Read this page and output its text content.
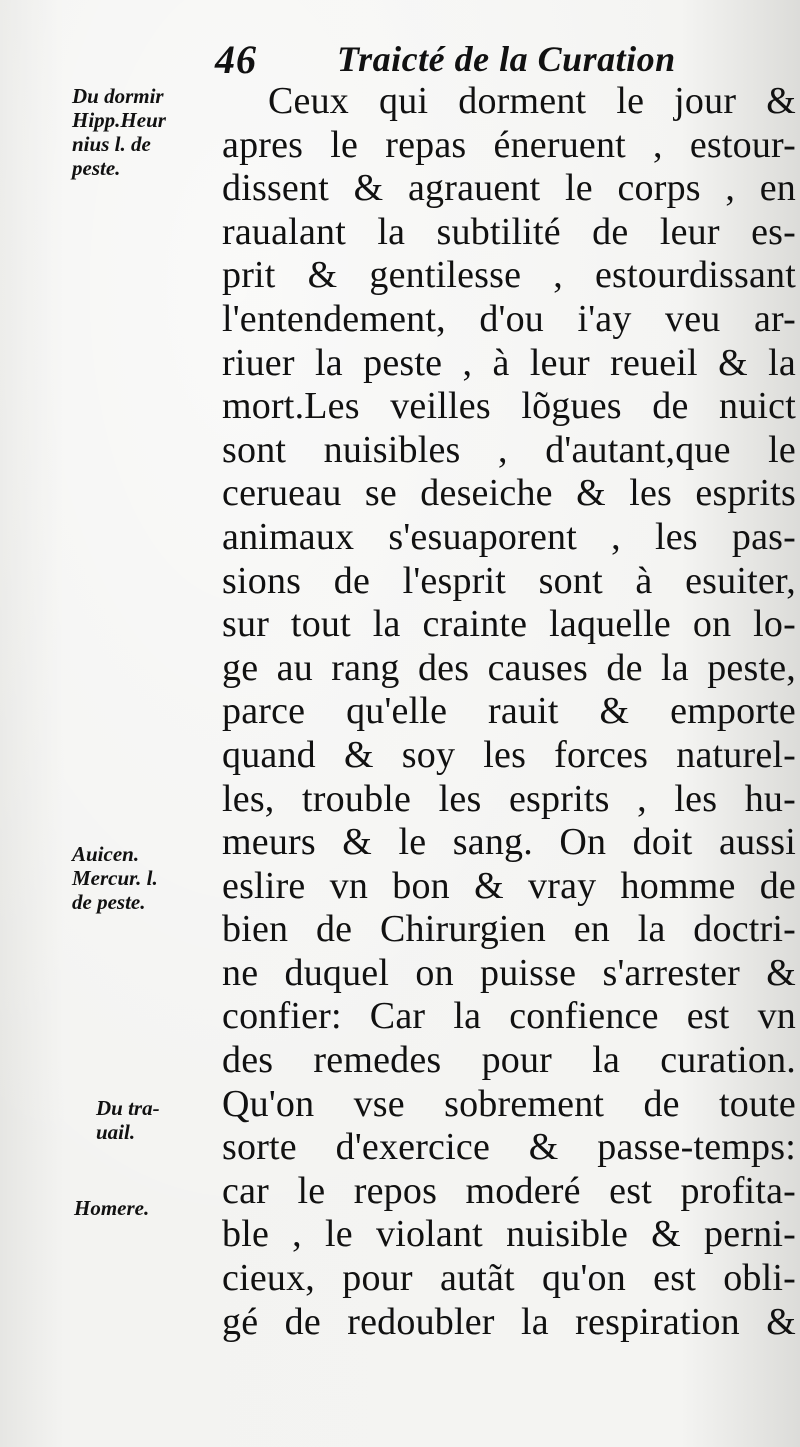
46 Traicté de la Curation
Du dormir
Hipp.Heur
nius l. de
peste.
Auicen.
Mercur. l.
de peste.
Du tra-
uail.
Homere.
Ceux qui dorment le jour &
apres le repas éneruent , estour-
dissent & agrauent le corps , en
raualant la subtilité de leur es-
prit & gentilesse , estourdissant
l'entendement, d'ou i'ay veu ar-
riuer la peste , à leur reueil & la
mort.Les veilles lõgues de nuict
sont nuisibles , d'autant,que le
cerueau se deseiche & les esprits
animaux s'esuaporent , les pas-
sions de l'esprit sont à esuiter,
sur tout la crainte laquelle on lo-
ge au rang des causes de la peste,
parce qu'elle rauit & emporte
quand & soy les forces naturel-
les, trouble les esprits , les hu-
meurs & le sang. On doit aussi
eslire vn bon & vray homme de
bien de Chirurgien en la doctri-
ne duquel on puisse s'arrester &
confier: Car la confience est vn
des remedes pour la curation.
Qu'on vse sobrement de toute
sorte d'exercice & passe-temps:
car le repos moderé est profita-
ble , le violant nuisible & perni-
cieux, pour autãt qu'on est obli-
gé de redoubler la respiration &
